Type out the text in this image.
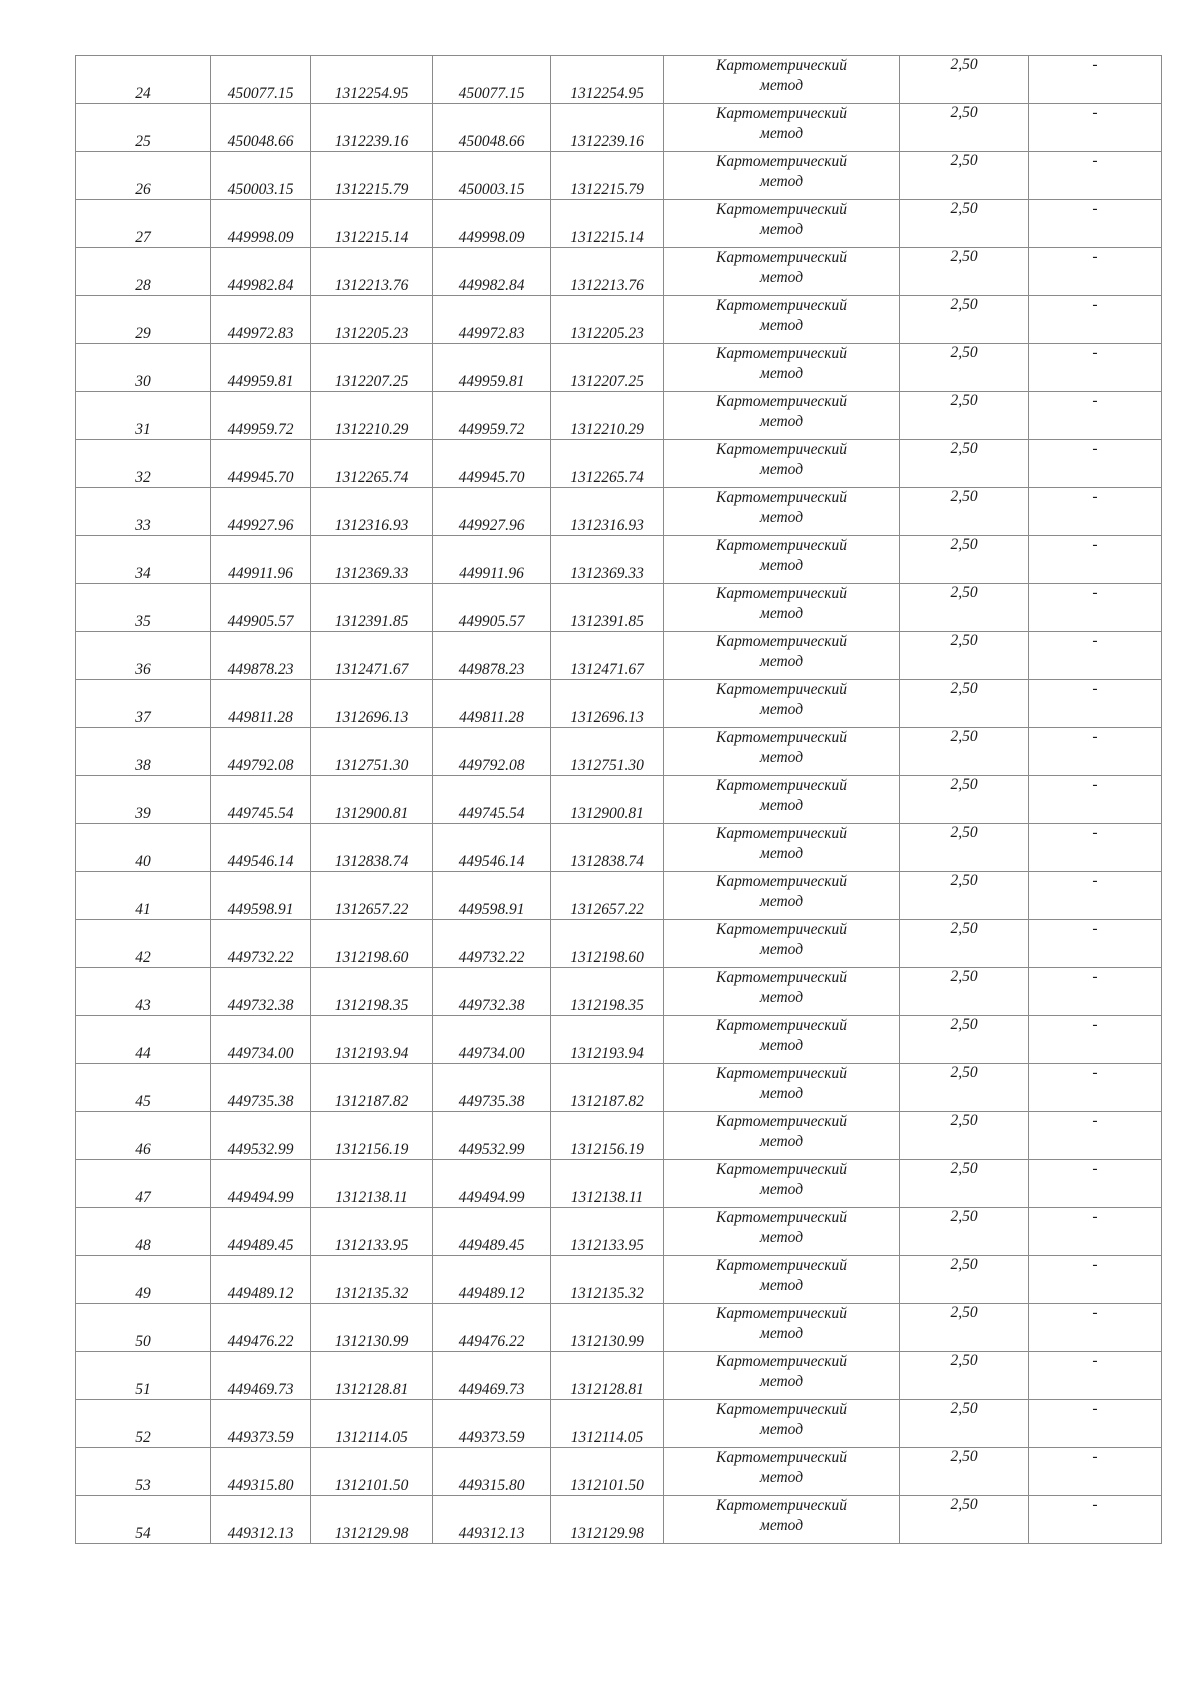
24	450077.15	1312254.95	450077.15	1312254.95	Картометрический
метод	2,50	-
25	450048.66	1312239.16	450048.66	1312239.16	Картометрический
метод	2,50	-
26	450003.15	1312215.79	450003.15	1312215.79	Картометрический
метод	2,50	-
27	449998.09	1312215.14	449998.09	1312215.14	Картометрический
метод	2,50	-
28	449982.84	1312213.76	449982.84	1312213.76	Картометрический
метод	2,50	-
29	449972.83	1312205.23	449972.83	1312205.23	Картометрический
метод	2,50	-
30	449959.81	1312207.25	449959.81	1312207.25	Картометрический
метод	2,50	-
31	449959.72	1312210.29	449959.72	1312210.29	Картометрический
метод	2,50	-
32	449945.70	1312265.74	449945.70	1312265.74	Картометрический
метод	2,50	-
33	449927.96	1312316.93	449927.96	1312316.93	Картометрический
метод	2,50	-
34	449911.96	1312369.33	449911.96	1312369.33	Картометрический
метод	2,50	-
35	449905.57	1312391.85	449905.57	1312391.85	Картометрический
метод	2,50	-
36	449878.23	1312471.67	449878.23	1312471.67	Картометрический
метод	2,50	-
37	449811.28	1312696.13	449811.28	1312696.13	Картометрический
метод	2,50	-
38	449792.08	1312751.30	449792.08	1312751.30	Картометрический
метод	2,50	-
39	449745.54	1312900.81	449745.54	1312900.81	Картометрический
метод	2,50	-
40	449546.14	1312838.74	449546.14	1312838.74	Картометрический
метод	2,50	-
41	449598.91	1312657.22	449598.91	1312657.22	Картометрический
метод	2,50	-
42	449732.22	1312198.60	449732.22	1312198.60	Картометрический
метод	2,50	-
43	449732.38	1312198.35	449732.38	1312198.35	Картометрический
метод	2,50	-
44	449734.00	1312193.94	449734.00	1312193.94	Картометрический
метод	2,50	-
45	449735.38	1312187.82	449735.38	1312187.82	Картометрический
метод	2,50	-
46	449532.99	1312156.19	449532.99	1312156.19	Картометрический
метод	2,50	-
47	449494.99	1312138.11	449494.99	1312138.11	Картометрический
метод	2,50	-
48	449489.45	1312133.95	449489.45	1312133.95	Картометрический
метод	2,50	-
49	449489.12	1312135.32	449489.12	1312135.32	Картометрический
метод	2,50	-
50	449476.22	1312130.99	449476.22	1312130.99	Картометрический
метод	2,50	-
51	449469.73	1312128.81	449469.73	1312128.81	Картометрический
метод	2,50	-
52	449373.59	1312114.05	449373.59	1312114.05	Картометрический
метод	2,50	-
53	449315.80	1312101.50	449315.80	1312101.50	Картометрический
метод	2,50	-
54	449312.13	1312129.98	449312.13	1312129.98	Картометрический
метод	2,50	-
